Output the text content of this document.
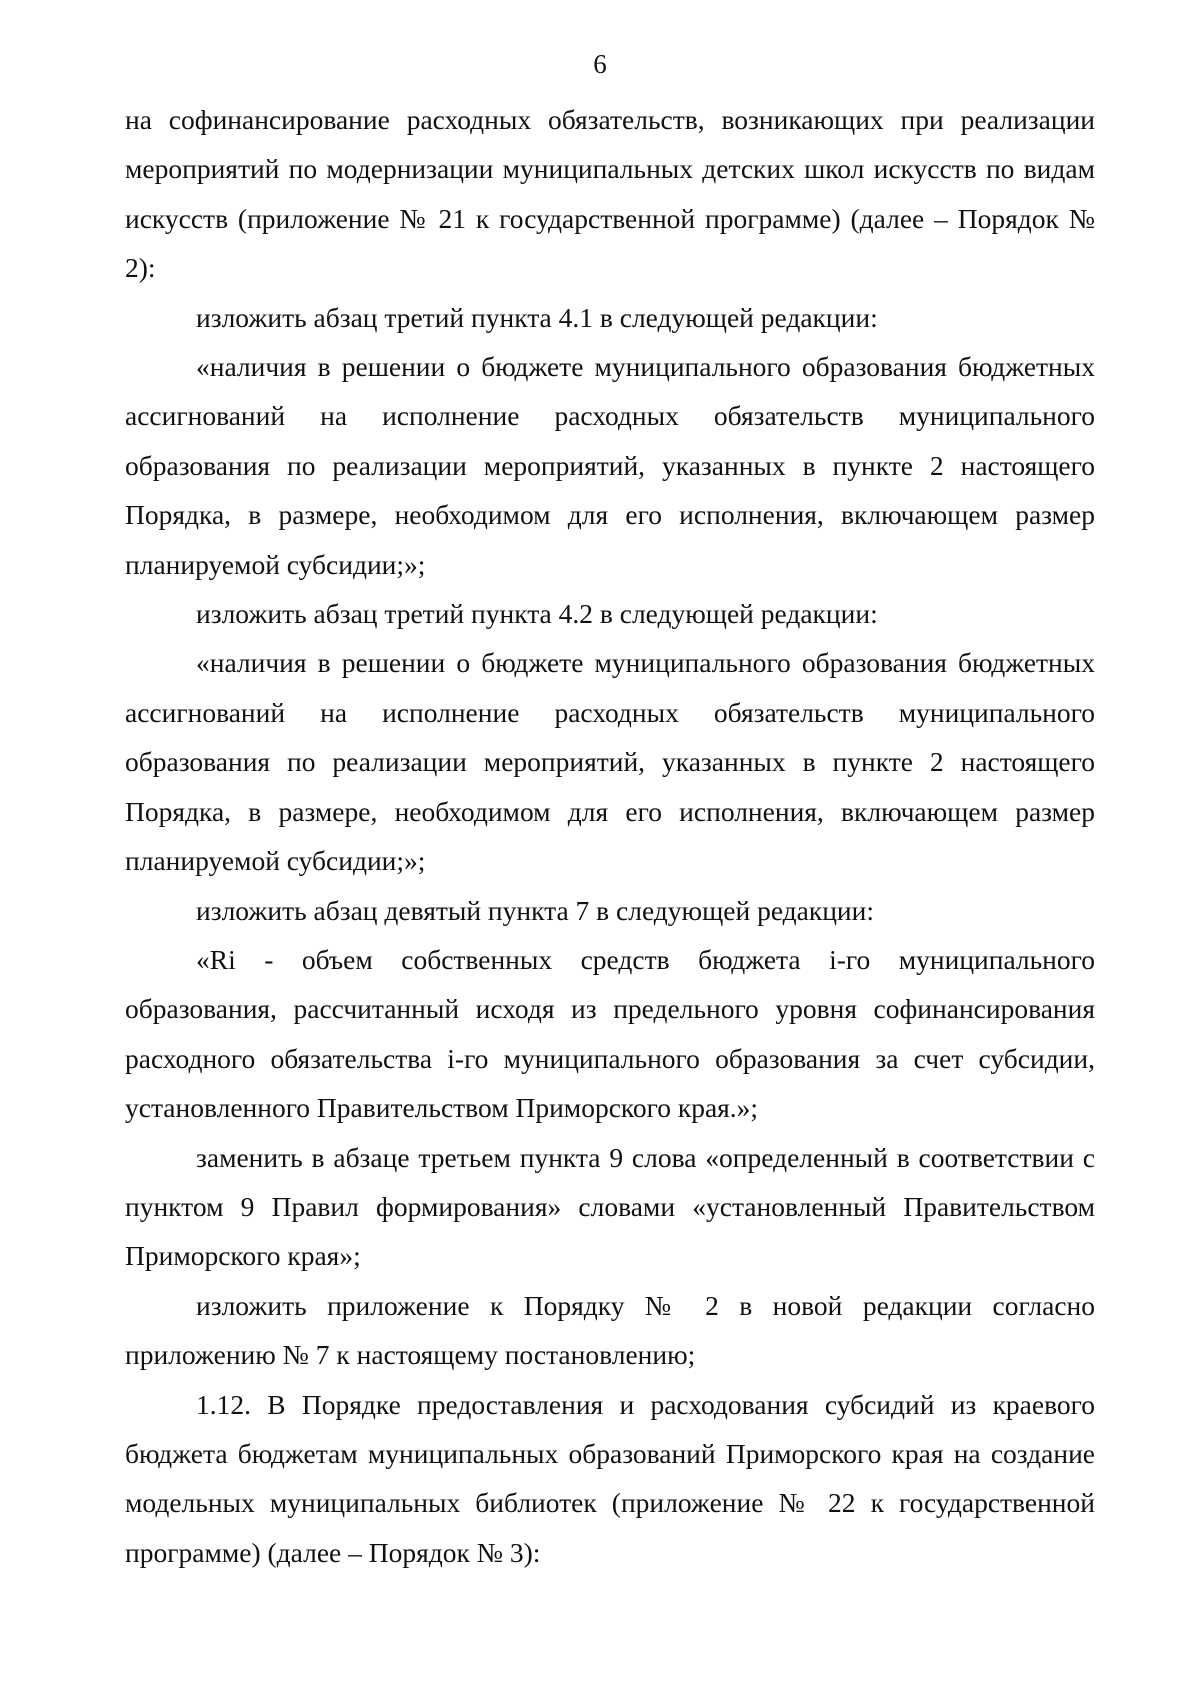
6

на софинансирование расходных обязательств, возникающих при реализации мероприятий по модернизации муниципальных детских школ искусств по видам искусств (приложение № 21 к государственной программе) (далее – Порядок № 2):

изложить абзац третий пункта 4.1 в следующей редакции:

«наличия в решении о бюджете муниципального образования бюджетных ассигнований на исполнение расходных обязательств муниципального образования по реализации мероприятий, указанных в пункте 2 настоящего Порядка, в размере, необходимом для его исполнения, включающем размер планируемой субсидии;»;

изложить абзац третий пункта 4.2 в следующей редакции:

«наличия в решении о бюджете муниципального образования бюджетных ассигнований на исполнение расходных обязательств муниципального образования по реализации мероприятий, указанных в пункте 2 настоящего Порядка, в размере, необходимом для его исполнения, включающем размер планируемой субсидии;»;

изложить абзац девятый пункта 7 в следующей редакции:

«Ri - объем собственных средств бюджета i-го муниципального образования, рассчитанный исходя из предельного уровня софинансирования расходного обязательства i-го муниципального образования за счет субсидии, установленного Правительством Приморского края.»;

заменить в абзаце третьем пункта 9 слова «определенный в соответствии с пунктом 9 Правил формирования» словами «установленный Правительством Приморского края»;

изложить приложение к Порядку № 2 в новой редакции согласно приложению № 7 к настоящему постановлению;

1.12. В Порядке предоставления и расходования субсидий из краевого бюджета бюджетам муниципальных образований Приморского края на создание модельных муниципальных библиотек (приложение № 22 к государственной программе) (далее – Порядок № 3):
